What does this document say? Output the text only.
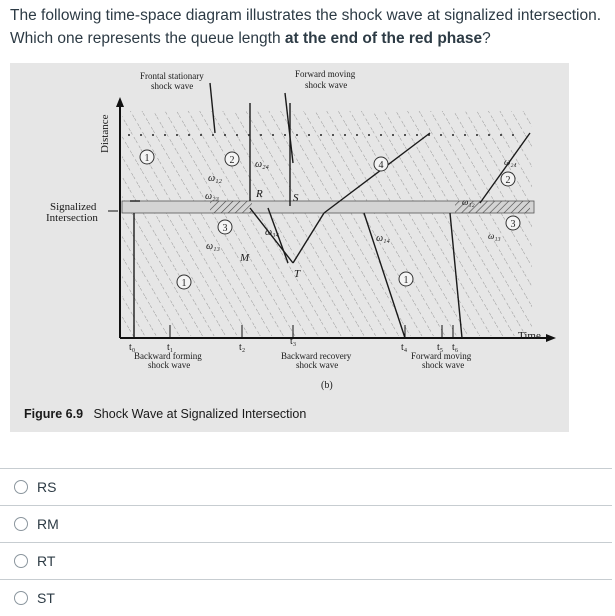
The following time-space diagram illustrates the shock wave at signalized intersection.
Which one represents the queue length at the end of the red phase?
1	2
3
1
4
1
2
3
Frontal stationary
shock wave
Forward moving
shock wave
Signalized
Intersection
Time
t₀	t₁	t₂
t₃
t₄	t₅ t₆
Backward forming
shock wave
Backward recovery
shock wave
Forward moving
shock wave
(b)
ω₂₃
ω₁₂
ω₁₃
ω₂₄
ω₃₄
ω₁₄
ω₁₂
ω₁₃
ω₂₄
R	S
T
M
Distance
Figure 6.9 Shock Wave at Signalized Intersection
RS
RM
RT
ST
